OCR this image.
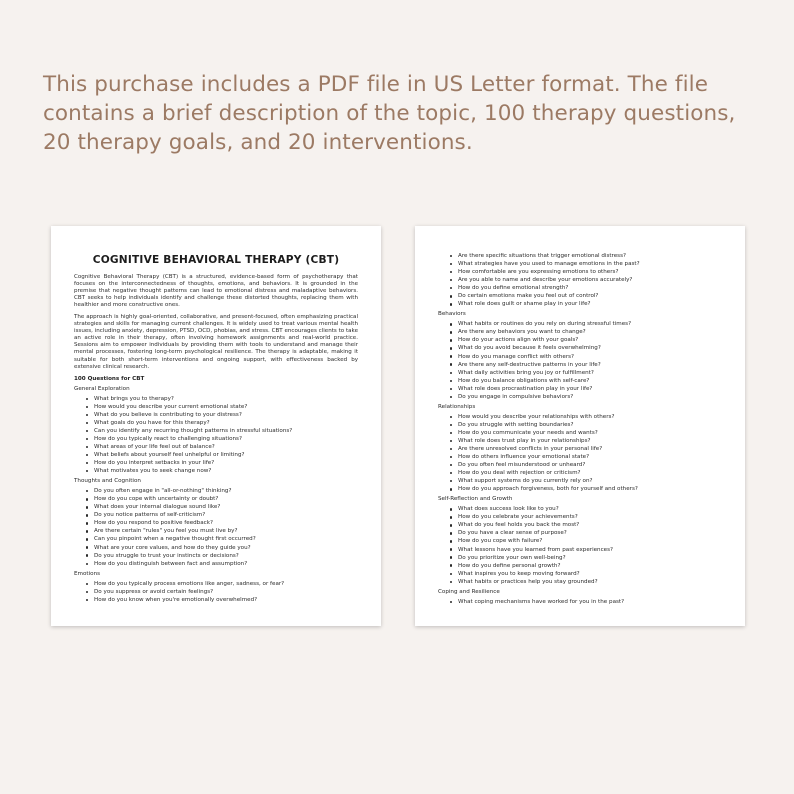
This purchase includes a PDF file in US Letter format. The file contains a brief description of the topic, 100 therapy questions, 20 therapy goals, and 20 interventions.
COGNITIVE BEHAVIORAL THERAPY (CBT)

Cognitive Behavioral Therapy (CBT) is a structured, evidence-based form of psychotherapy that focuses on the interconnectedness of thoughts, emotions, and behaviors. It is grounded in the premise that negative thought patterns can lead to emotional distress and maladaptive behaviors. CBT seeks to help individuals identify and challenge these distorted thoughts, replacing them with healthier and more constructive ones.

The approach is highly goal-oriented, collaborative, and present-focused, often emphasizing practical strategies and skills for managing current challenges. It is widely used to treat various mental health issues, including anxiety, depression, PTSD, OCD, phobias, and stress. CBT encourages clients to take an active role in their therapy, often involving homework assignments and real-world practice. Sessions aim to empower individuals by providing them with tools to understand and manage their mental processes, fostering long-term psychological resilience. The therapy is adaptable, making it suitable for both short-term interventions and ongoing support, with effectiveness backed by extensive clinical research.

100 Questions for CBT
General Exploration
What brings you to therapy?
How would you describe your current emotional state?
What do you believe is contributing to your distress?
What goals do you have for this therapy?
Can you identify any recurring thought patterns in stressful situations?
How do you typically react to challenging situations?
What areas of your life feel out of balance?
What beliefs about yourself feel unhelpful or limiting?
How do you interpret setbacks in your life?
What motivates you to seek change now?
Thoughts and Cognition
Do you often engage in "all-or-nothing" thinking?
How do you cope with uncertainty or doubt?
What does your internal dialogue sound like?
Do you notice patterns of self-criticism?
How do you respond to positive feedback?
Are there certain "rules" you feel you must live by?
Can you pinpoint when a negative thought first occurred?
What are your core values, and how do they guide you?
Do you struggle to trust your instincts or decisions?
How do you distinguish between fact and assumption?
Emotions
How do you typically process emotions like anger, sadness, or fear?
Do you suppress or avoid certain feelings?
How do you know when you're emotionally overwhelmed?
Are there specific situations that trigger emotional distress?
What strategies have you used to manage emotions in the past?
How comfortable are you expressing emotions to others?
Are you able to name and describe your emotions accurately?
How do you define emotional strength?
Do certain emotions make you feel out of control?
What role does guilt or shame play in your life?
Behaviors
What habits or routines do you rely on during stressful times?
Are there any behaviors you want to change?
How do your actions align with your goals?
What do you avoid because it feels overwhelming?
How do you manage conflict with others?
Are there any self-destructive patterns in your life?
What daily activities bring you joy or fulfillment?
How do you balance obligations with self-care?
What role does procrastination play in your life?
Do you engage in compulsive behaviors?
Relationships
How would you describe your relationships with others?
Do you struggle with setting boundaries?
How do you communicate your needs and wants?
What role does trust play in your relationships?
Are there unresolved conflicts in your personal life?
How do others influence your emotional state?
Do you often feel misunderstood or unheard?
How do you deal with rejection or criticism?
What support systems do you currently rely on?
How do you approach forgiveness, both for yourself and others?
Self-Reflection and Growth
What does success look like to you?
How do you celebrate your achievements?
What do you feel holds you back the most?
Do you have a clear sense of purpose?
How do you cope with failure?
What lessons have you learned from past experiences?
Do you prioritize your own well-being?
How do you define personal growth?
What inspires you to keep moving forward?
What habits or practices help you stay grounded?
Coping and Resilience
What coping mechanisms have worked for you in the past?
